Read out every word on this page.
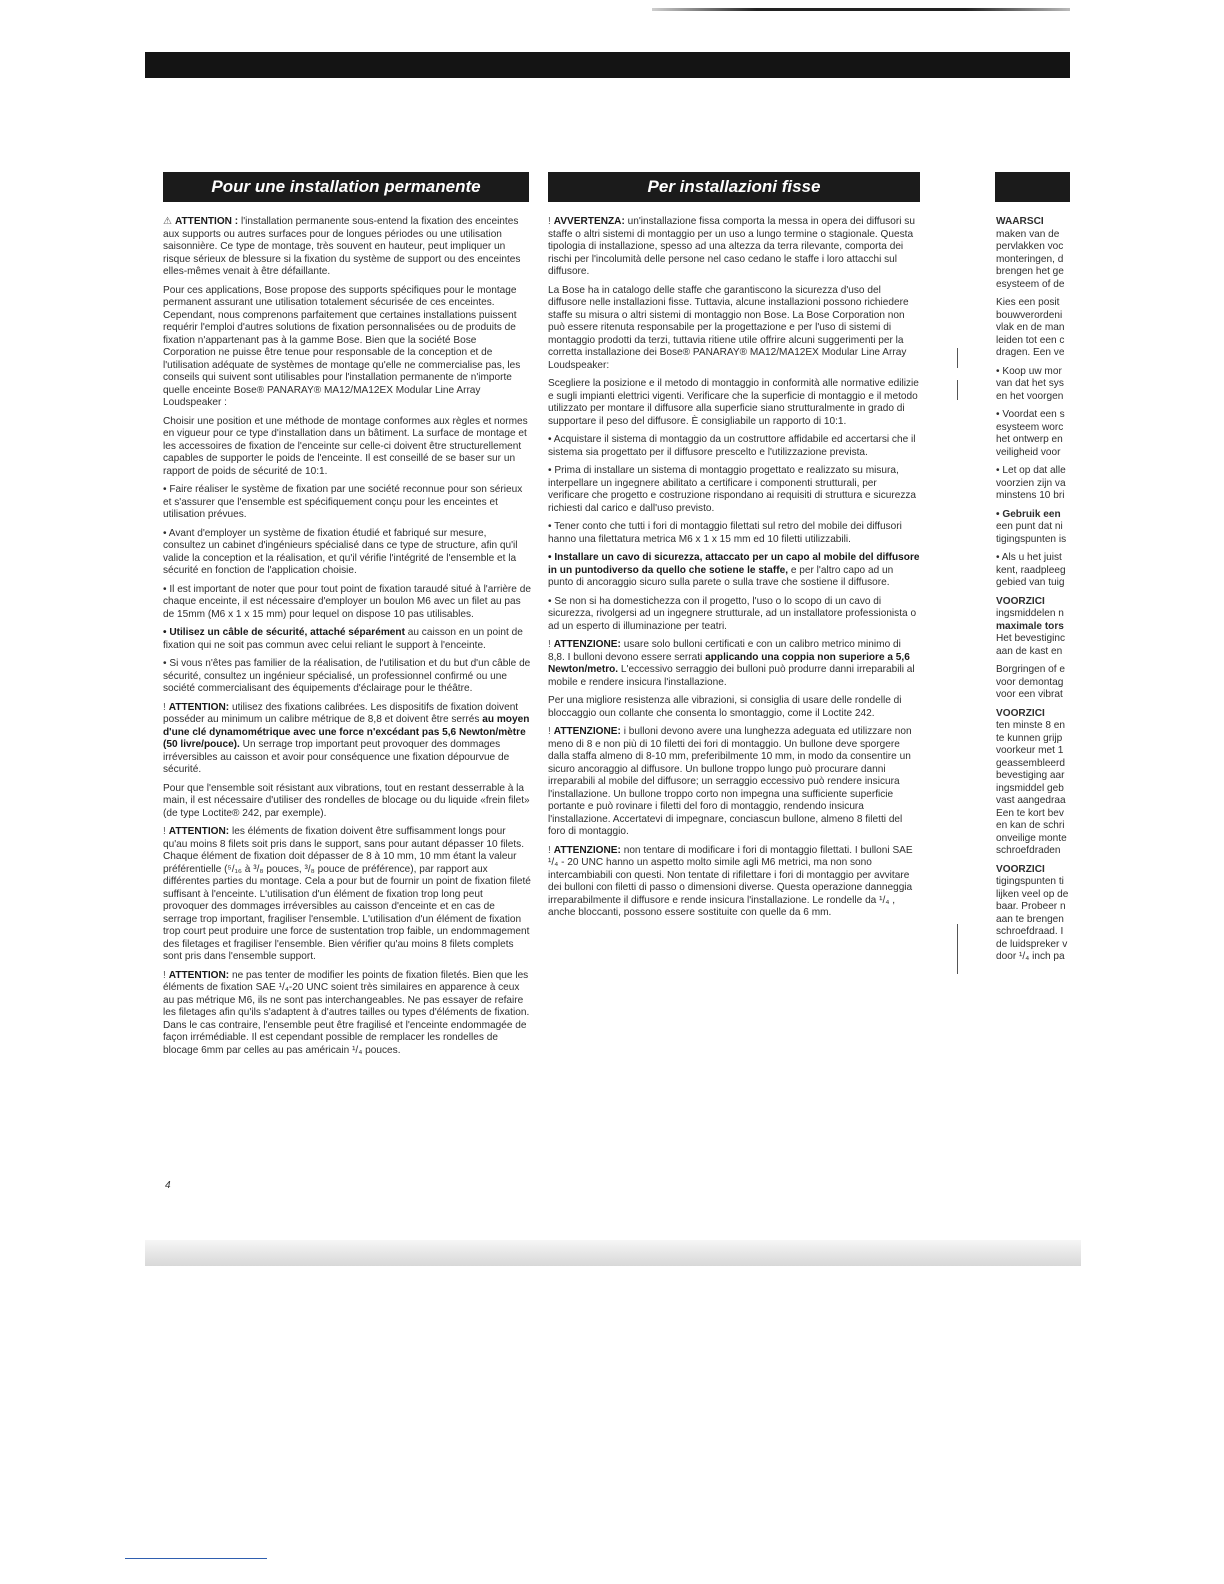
Pour une installation permanente

⚠ ATTENTION : l'installation permanente sous-entend la fixation des enceintes aux supports ou autres surfaces pour de longues périodes ou une utilisation saisonnière. Ce type de montage, très souvent en hauteur, peut impliquer un risque sérieux de blessure si la fixation du système de support ou des enceintes elles-mêmes venait à être défaillante.

Pour ces applications, Bose propose des supports spécifiques pour le montage permanent assurant une utilisation totalement sécurisée de ces enceintes. Cependant, nous comprenons parfaitement que certaines installations puissent requérir l'emploi d'autres solutions de fixation personnalisées ou de produits de fixation n'appartenant pas à la gamme Bose. Bien que la société Bose Corporation ne puisse être tenue pour responsable de la conception et de l'utilisation adéquate de systèmes de montage qu'elle ne commercialise pas, les conseils qui suivent sont utilisables pour l'installation permanente de n'importe quelle enceinte Bose® PANARAY® MA12/MA12EX Modular Line Array Loudspeaker :

Choisir une position et une méthode de montage conformes aux règles et normes en vigueur pour ce type d'installation dans un bâtiment. La surface de montage et les accessoires de fixation de l'enceinte sur celle-ci doivent être structurellement capables de supporter le poids de l'enceinte. Il est conseillé de se baser sur un rapport de poids de sécurité de 10:1.

• Faire réaliser le système de fixation par une société reconnue pour son sérieux et s'assurer que l'ensemble est spécifiquement conçu pour les enceintes et utilisation prévues.

• Avant d'employer un système de fixation étudié et fabriqué sur mesure, consultez un cabinet d'ingénieurs spécialisé dans ce type de structure, afin qu'il valide la conception et la réalisation, et qu'il vérifie l'intégrité de l'ensemble et la sécurité en fonction de l'application choisie.

• Il est important de noter que pour tout point de fixation taraudé situé à l'arrière de chaque enceinte, il est nécessaire d'employer un boulon M6 avec un filet au pas de 15mm (M6 x 1 x 15 mm) pour lequel on dispose 10 pas utilisables.

• Utilisez un câble de sécurité, attaché séparément au caisson en un point de fixation qui ne soit pas commun avec celui reliant le support à l'enceinte.

• Si vous n'êtes pas familier de la réalisation, de l'utilisation et du but d'un câble de sécurité, consultez un ingénieur spécialisé, un professionnel confirmé ou une société commercialisant des équipements d'éclairage pour le théâtre.

! ATTENTION: utilisez des fixations calibrées. Les dispositifs de fixation doivent posséder au minimum un calibre métrique de 8,8 et doivent être serrés au moyen d'une clé dynamométrique avec une force n'excédant pas 5,6 Newton/mètre (50 livre/pouce). Un serrage trop important peut provoquer des dommages irréversibles au caisson et avoir pour conséquence une fixation dépourvue de sécurité.

Pour que l'ensemble soit résistant aux vibrations, tout en restant desserrable à la main, il est nécessaire d'utiliser des rondelles de blocage ou du liquide «frein filet» (de type Loctite® 242, par exemple).

! ATTENTION: les éléments de fixation doivent être suffisamment longs pour qu'au moins 8 filets soit pris dans le support, sans pour autant dépasser 10 filets. Chaque élément de fixation doit dépasser de 8 à 10 mm, 10 mm étant la valeur préférentielle (⁵/₁₆ à ³/₈ pouces, ³/₈ pouce de préférence), par rapport aux différentes parties du montage. Cela a pour but de fournir un point de fixation fileté suffisant à l'enceinte. L'utilisation d'un élément de fixation trop long peut provoquer des dommages irréversibles au caisson d'enceinte et en cas de serrage trop important, fragiliser l'ensemble. L'utilisation d'un élément de fixation trop court peut produire une force de sustentation trop faible, un endommagement des filetages et fragiliser l'ensemble. Bien vérifier qu'au moins 8 filets complets sont pris dans l'ensemble support.

! ATTENTION: ne pas tenter de modifier les points de fixation filetés. Bien que les éléments de fixation SAE ¹/₄-20 UNC soient très similaires en apparence à ceux au pas métrique M6, ils ne sont pas interchangeables. Ne pas essayer de refaire les filetages afin qu'ils s'adaptent à d'autres tailles ou types d'éléments de fixation. Dans le cas contraire, l'ensemble peut être fragilisé et l'enceinte endommagée de façon irrémédiable. Il est cependant possible de remplacer les rondelles de blocage 6mm par celles au pas américain ¹/₄ pouces.

Per installazioni fisse

! AVVERTENZA: un'installazione fissa comporta la messa in opera dei diffusori su staffe o altri sistemi di montaggio per un uso a lungo termine o stagionale. Questa tipologia di installazione, spesso ad una altezza da terra rilevante, comporta dei rischi per l'incolumità delle persone nel caso cedano le staffe i loro attacchi sul diffusore.

La Bose ha in catalogo delle staffe che garantiscono la sicurezza d'uso del diffusore nelle installazioni fisse. Tuttavia, alcune installazioni possono richiedere staffe su misura o altri sistemi di montaggio non Bose. La Bose Corporation non può essere ritenuta responsabile per la progettazione e per l'uso di sistemi di montaggio prodotti da terzi, tuttavia ritiene utile offrire alcuni suggerimenti per la corretta installazione dei Bose® PANARAY® MA12/MA12EX Modular Line Array Loudspeaker:

Scegliere la posizione e il metodo di montaggio in conformità alle normative edilizie e sugli impianti elettrici vigenti. Verificare che la superficie di montaggio e il metodo utilizzato per montare il diffusore alla superficie siano strutturalmente in grado di supportare il peso del diffusore. È consigliabile un rapporto di 10:1.

• Acquistare il sistema di montaggio da un costruttore affidabile ed accertarsi che il sistema sia progettato per il diffusore prescelto e l'utilizzazione prevista.

• Prima di installare un sistema di montaggio progettato e realizzato su misura, interpellare un ingegnere abilitato a certificare i componenti strutturali, per verificare che progetto e costruzione rispondano ai requisiti di struttura e sicurezza richiesti dal carico e dall'uso previsto.

• Tener conto che tutti i fori di montaggio filettati sul retro del mobile dei diffusori hanno una filettatura metrica M6 x 1 x 15 mm ed 10 filetti utilizzabili.

• Installare un cavo di sicurezza, attaccato per un capo al mobile del diffusore in un puntodiverso da quello che sotiene le staffe, e per l'altro capo ad un punto di ancoraggio sicuro sulla parete o sulla trave che sostiene il diffusore.

• Se non si ha domestichezza con il progetto, l'uso o lo scopo di un cavo di sicurezza, rivolgersi ad un ingegnere strutturale, ad un installatore professionista o ad un esperto di illuminazione per teatri.

! ATTENZIONE: usare solo bulloni certificati e con un calibro metrico minimo di 8,8. I bulloni devono essere serrati applicando una coppia non superiore a 5,6 Newton/metro. L'eccessivo serraggio dei bulloni può produrre danni irreparabili al mobile e rendere insicura l'installazione.

Per una migliore resistenza alle vibrazioni, si consiglia di usare delle rondelle di bloccaggio oun collante che consenta lo smontaggio, come il Loctite 242.

! ATTENZIONE: i bulloni devono avere una lunghezza adeguata ed utilizzare non meno di 8 e non più di 10 filetti dei fori di montaggio. Un bullone deve sporgere dalla staffa almeno di 8-10 mm, preferibilmente 10 mm, in modo da consentire un sicuro ancoraggio al diffusore. Un bullone troppo lungo può procurare danni irreparabili al mobile del diffusore; un serraggio eccessivo può rendere insicura l'installazione. Un bullone troppo corto non impegna una sufficiente superficie portante e può rovinare i filetti del foro di montaggio, rendendo insicura l'installazione. Accertatevi di impegnare, conciascun bullone, almeno 8 filetti del foro di montaggio.

! ATTENZIONE: non tentare di modificare i fori di montaggio filettati. I bulloni SAE ¹/₄ - 20 UNC hanno un aspetto molto simile agli M6 metrici, ma non sono intercambiabili con questi. Non tentate di rifilettare i fori di montaggio per avvitare dei bulloni con filetti di passo o dimensioni diverse. Questa operazione danneggia irreparabilmente il diffusore e rende insicura l'installazione. Le rondelle da ¹/₄ , anche bloccanti, possono essere sostituite con quelle da 6 mm.

WAARSCI
maken van de
pervlakken voc
monteringen, d
brengen het ge
esysteem of de

Kies een posit
bouwverordeni
vlak en de man
leiden tot een c
dragen. Een ve

• Koop uw mor
van dat het sys
en het voorgen

• Voordat een s
esysteem worc
het ontwerp en
veiligheid voor

• Let op dat alle
voorzien zijn va
minstens 10 bri

• Gebruik een
een punt dat ni
tigingspunten is

• Als u het juist
kent, raadpleeg
gebied van tuig

VOORZICI
ingsmiddelen n
maximale tors
Het bevestiginc
aan de kast en

Borgringen of e
voor demontag
voor een vibrat

VOORZICI
ten minste 8 en
te kunnen grijp
voorkeur met 1
geassembleerd
bevestiging aar
ingsmiddel geb
vast aangedraa
Een te kort bev
en kan de schri
onveilige monte
schroefdraden

VOORZICI
tigingspunten ti
lijken veel op de
baar. Probeer n
aan te brengen
schroefdraad. I
de luidspreker v
door ¹/₄ inch pa

4
